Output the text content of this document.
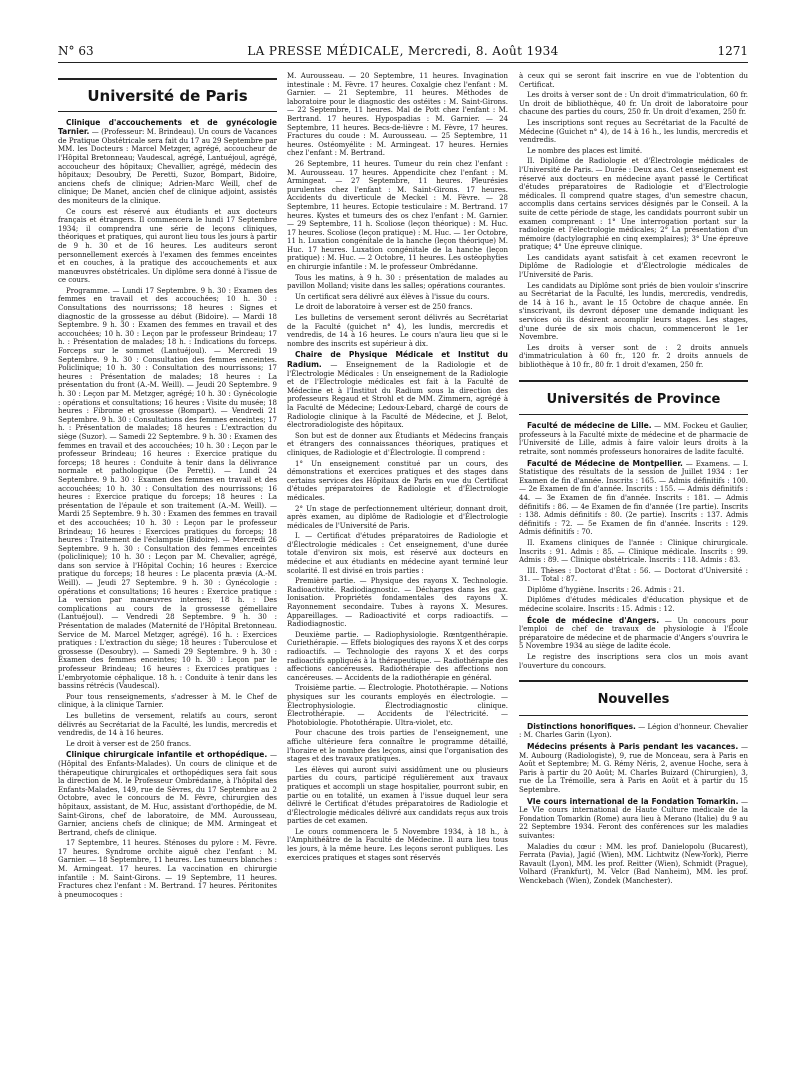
N° 63	LA PRESSE MÉDICALE, Mercredi, 8. Août 1934	1271
Université de Paris

Clinique d'accouchements et de gynécologie Tarnier. — (Professeur: M. Brindeau). Un cours de Vacances de Pratique Obstétricale sera fait du 17 au 29 Septembre par MM. les Docteurs : Marcel Metzger, agrégé, accoucheur de l'Hôpital Bretonneau; Vaudescal, agrégé, Lantuéjoul, agrégé, accoucheur des hôpitaux; Chevallier, agrégé, médecin des hôpitaux; Desoubry, De Peretti, Suzor, Bompart, Bidoire, anciens chefs de clinique; Adrien-Marc Weill, chef de clinique; De Manet, ancien chef de clinique adjoint, assistés des moniteurs de la clinique.

Ce cours est réservé aux étudiants et aux docteurs français et étrangers. Il commencera le lundi 17 Septembre 1934; il comprendra une série de leçons cliniques, théoriques et pratiques, qui auront lieu tous les jours à partir de 9 h. 30 et de 16 heures. Les auditeurs seront personnellement exercés à l'examen des femmes enceintes et en couches, à la pratique des accouchements et aux manœuvres obstétricales. Un diplôme sera donné à l'issue de ce cours.

Programme. — Lundi 17 Septembre. 9 h. 30 : Examen des femmes en travail et des accouchées; 10 h. 30 : Consultations des nourrissons; 18 heures : Signes et diagnostic de la grossesse au début (Bidoire). — Mardi 18 Septembre. 9 h. 30 : Examen des femmes en travail et des accouchées; 10 h. 30 : Leçon par le professeur Brindeau; 17 h. : Présentation de malades; 18 h. : Indications du forceps. Forceps sur le sommet (Lantuéjoul). — Mercredi 19 Septembre. 9 h. 30 : Consultation des femmes enceintes. Policlinique; 10 h. 30 : Consultation des nourrissons; 17 heures : Présentation de malades; 18 heures : La présentation du front (A.-M. Weill). — Jeudi 20 Septembre. 9 h. 30 : Leçon par M. Metzger, agrégé; 10 h. 30 : Gynécologie : opérations et consultations; 16 heures : Visite du musée; 18 heures : Fibrome et grossesse (Bompart). — Vendredi 21 Septembre. 9 h. 30 : Consultations des femmes enceintes; 17 h. : Présentation de malades; 18 heures : L'extraction du siège (Suzor). — Samedi 22 Septembre. 9 h. 30 : Examen des femmes en travail et des accouchées; 10 h. 30 : Leçon par le professeur Brindeau; 16 heures : Exercice pratique du forceps; 18 heures : Conduite à tenir dans la délivrance normale et pathologique (De Peretti). — Lundi 24 Septembre. 9 h. 30 : Examen des femmes en travail et des accouchées; 10 h. 30 : Consultation des nourrissons; 16 heures : Exercice pratique du forceps; 18 heures : La présentation de l'épaule et son traitement (A.-M. Weill). — Mardi 25 Septembre. 9 h. 30 : Examen des femmes en travail et des accouchées; 10 h. 30 : Leçon par le professeur Brindeau; 16 heures : Exercices pratiques du forceps; 18 heures : Traitement de l'éclampsie (Bidoire). — Mercredi 26 Septembre. 9 h. 30 : Consultation des femmes enceintes (policlinique); 10 h. 30 : Leçon par M. Chevalier, agrégé, dans son service à l'Hôpital Cochin; 16 heures : Exercice pratique du forceps; 18 heures : Le placenta prævia (A.-M. Weill). — Jeudi 27 Septembre. 9 h. 30 : Gynécologie : opérations et consultations; 16 heures : Exercice pratique : La version par manœuvres internes; 18 h. : Des complications au cours de la grossesse gémellaire (Lantuéjoul). — Vendredi 28 Septembre. 9 h. 30 : Présentation de malades (Maternité de l'Hôpital Bretonneau. Service de M. Marcel Metzger, agrégé). 16 h. : Exercices pratiques : L'extraction du siège; 18 heures : Tuberculose et grossesse (Desoubry). — Samedi 29 Septembre. 9 h. 30 : Examen des femmes enceintes; 10 h. 30 : Leçon par le professeur Brindeau; 16 heures : Exercices pratiques : L'embryotomie céphalique. 18 h. : Conduite à tenir dans les bassins rétrécis (Vaudescal).

Pour tous renseignements, s'adresser à M. le Chef de clinique, à la clinique Tarnier.

Les bulletins de versement, relatifs au cours, seront délivrés au Secrétariat de la Faculté, les lundis, mercredis et vendredis, de 14 à 16 heures.

Le droit à verser est de 250 francs.

Clinique chirurgicale infantile et orthopédique. — (Hôpital des Enfants-Malades). Un cours de clinique et de thérapeutique chirurgicales et orthopédiques sera fait sous la direction de M. le Professeur Ombrédanne, à l'hôpital des Enfants-Malades, 149, rue de Sèvres, du 17 Septembre au 2 Octobre, avec le concours de M. Fèvre, chirurgien des hôpitaux, assistant, de M. Huc, assistant d'orthopédie, de M. Saint-Girons, chef de laboratoire, de MM. Aurousseau, Garnier, anciens chefs de clinique; de MM. Armingeat et Bertrand, chefs de clinique.

17 Septembre, 11 heures. Sténoses du pylore : M. Fèvre. 17 heures. Syndrome orchite aiguë chez l'enfant : M. Garnier. — 18 Septembre, 11 heures. Les tumeurs blanches : M. Armingeat. 17 heures. La vaccination en chirurgie infantile : M. Saint-Girons. — 19 Septembre, 11 heures. Fractures chez l'enfant : M. Bertrand. 17 heures. Péritonites à pneumocoques :

M. Aurousseau. — 20 Septembre, 11 heures. Invagination intestinale : M. Fèvre. 17 heures. Coxalgie chez l'enfant : M. Garnier. — 21 Septembre, 11 heures. Méthodes de laboratoire pour le diagnostic des ostéites : M. Saint-Girons. — 22 Septembre, 11 heures. Mal de Pott chez l'enfant : M. Bertrand. 17 heures. Hypospadias : M. Garnier. — 24 Septembre, 11 heures. Becs-de-lièvre : M. Fèvre, 17 heures. Fractures du coude : M. Aurousseau. — 25 Septembre, 11 heures. Ostéomyélite : M. Armingeat. 17 heures. Hernies chez l'enfant : M. Bertrand.

26 Septembre, 11 heures. Tumeur du rein chez l'enfant : M. Aurousseau. 17 heures. Appendicite chez l'enfant : M. Armingeat. — 27 Septembre, 11 heures. Pleurésies purulentes chez l'enfant : M. Saint-Girons. 17 heures. Accidents du diverticule de Meckel : M. Fèvre. — 28 Septembre, 11 heures. Ectopie testiculaire : M. Bertrand. 17 heures. Kystes et tumeurs des os chez l'enfant : M. Garnier. — 29 Septembre, 11 h. Scoliose (leçon théorique) : M. Huc. 17 heures. Scoliose (leçon pratique) : M. Huc. — 1er Octobre, 11 h. Luxation congénitale de la hanche (leçon théorique) M. Huc. 17 heures. Luxation congénitale de la hanche (leçon pratique) : M. Huc. — 2 Octobre, 11 heures. Les ostéophyties en chirurgie infantile : M. le professeur Ombrédanne.

Tous les matins, à 9 h. 30 : présentation de malades au pavillon Molland; visite dans les salles; opérations courantes.

Un certificat sera délivré aux élèves à l'issue du cours.

Le droit de laboratoire à verser est de 250 francs.

Les bulletins de versement seront délivrés au Secrétariat de la Faculté (guichet n° 4), les lundis, mercredis et vendredis, de 14 à 16 heures. Le cours n'aura lieu que si le nombre des inscrits est supérieur à dix.

Chaire de Physique Médicale et Institut du Radium. — Enseignement de la Radiologie et de l'Électrologie Médicales : Un enseignement de la Radiologie et de l'Electrologie médicales est fait à la Faculté de Médecine et à l'Institut du Radium sous la direction des professeurs Regaud et Strohl et de MM. Zimmern, agrégé à la Faculté de Médecine; Ledoux-Lebard, chargé de cours de Radiologie clinique à la Faculté de Médecine, et J. Belot, électroradiologiste des hôpitaux.

Son but est de donner aux Étudiants et Médecins français et étrangers des connaissances théoriques, pratiques et cliniques, de Radiologie et d'Électrologie. Il comprend :

1° Un enseignement constitué par un cours, des démonstrations et exercices pratiques et des stages dans certains services des Hôpitaux de Paris en vue du Certificat d'études préparatoires de Radiologie et d'Électrologie médicales.

2° Un stage de perfectionnement ultérieur, donnant droit, après examen, au diplôme de Radiologie et d'Électrologie médicales de l'Université de Paris.

I. — Certificat d'études préparatoires de Radiologie et d'Électrologie médicales : Cet enseignement, d'une durée totale d'environ six mois, est réservé aux docteurs en médecine et aux étudiants en médecine ayant terminé leur scolarité. Il est divisé en trois parties :

Première partie. — Physique des rayons X. Technologie. Radioactivité. Radiodiagnostic. — Décharges dans les gaz. Ionisation. Propriétés fondamentales des rayons X. Rayonnement secondaire. Tubes à rayons X. Mesures. Appareillages. — Radioactivité et corps radioactifs. — Radiodiagnostic.

Deuxième partie. — Radiophysiologie. Rœntgenthérapie. Curiethérapie. — Effets biologiques des rayons X et des corps radioactifs. — Technologie des rayons X et des corps radioactifs appliqués à la thérapeutique. — Radiothérapie des affections cancéreuses. Radiothérapie des affections non cancéreuses. — Accidents de la radiothérapie en général.

Troisième partie. — Électrologie. Photothérapie. — Notions physiques sur les courants employés en électrologie. — Électrophysiologie. Électrodiagnostic clinique. Électrothérapie. — Accidents de l'électricité. — Photobiologie. Photothérapie. Ultra-violet, etc.

Pour chacune des trois parties de l'enseignement, une affiche ultérieure fera connaître le programme détaillé, l'horaire et le nombre des leçons, ainsi que l'organisation des stages et des travaux pratiques.

Les élèves qui auront suivi assidûment une ou plusieurs parties du cours, participé régulièrement aux travaux pratiques et accompli un stage hospitalier, pourront subir, en partie ou en totalité, un examen à l'issue duquel leur sera délivré le Certificat d'études préparatoires de Radiologie et d'Électrologie médicales délivré aux candidats reçus aux trois parties de cet examen.

Le cours commencera le 5 Novembre 1934, à 18 h., à l'Amphithéâtre de la Faculté de Médecine. Il aura lieu tous les jours, à la même heure. Les leçons seront publiques. Les exercices pratiques et stages sont réservés

à ceux qui se seront fait inscrire en vue de l'obtention du Certificat.

Les droits à verser sont de : Un droit d'immatriculation, 60 fr. Un droit de bibliothèque, 40 fr. Un droit de laboratoire pour chacune des parties du cours, 250 fr. Un droit d'examen, 250 fr.

Les inscriptions sont reçues au Secrétariat de la Faculté de Médecine (Guichet n° 4), de 14 à 16 h., les lundis, mercredis et vendredis.

Le nombre des places est limité.

II. Diplôme de Radiologie et d'Électrologie médicales de l'Université de Paris. — Durée : Deux ans. Cet enseignement est réservé aux docteurs en médecine ayant passé le Certificat d'études préparatoires de Radiologie et d'Electrologie médicales. Il comprend quatre stages, d'un semestre chacun, accomplis dans certains services désignés par le Conseil. A la suite de cette période de stage, les candidats pourront subir un examen comprenant : 1° Une interrogation portant sur la radiologie et l'électrologie médicales; 2° La présentation d'un mémoire (dactylographié en cinq exemplaires); 3° Une épreuve pratique; 4° Une épreuve clinique.

Les candidats ayant satisfait à cet examen recevront le Diplôme de Radiologie et d'Électrologie médicales de l'Université de Paris.

Les candidats au Diplôme sont priés de bien vouloir s'inscrire au Secrétariat de la Faculté, les lundis, mercredis, vendredis, de 14 à 16 h., avant le 15 Octobre de chaque année. En s'inscrivant, ils devront déposer une demande indiquant les services où ils désirent accomplir leurs stages. Les stages, d'une durée de six mois chacun, commenceront le 1er Novembre.

Les droits à verser sont de : 2 droits annuels d'immatriculation à 60 fr., 120 fr. 2 droits annuels de bibliothèque à 10 fr., 80 fr. 1 droit d'examen, 250 fr.

Universités de Province

Faculté de médecine de Lille. — MM. Fockeu et Gaulier, professeurs à la Faculté mixte de médecine et de pharmacie de l'Université de Lille, admis à faire valoir leurs droits à la retraite, sont nommés professeurs honoraires de ladite faculté.

Faculté de Médecine de Montpellier. — Examens. — I. Statistique des résultats de la session de Juillet 1934 : 1er Examen de fin d'année. Inscrits : 165. — Admis définitifs : 100. — 2e Examen de fin d'année. Inscrits : 155. — Admis définitifs : 44. — 3e Examen de fin d'année. Inscrits : 181. — Admis définitifs : 86. — 4e Examen de fin d'année (1re partie). Inscrits : 138. Admis définitifs : 80. (2e partie). Inscrits : 137. Admis définitifs : 72. — 5e Examen de fin d'année. Inscrits : 129. Admis définitifs : 70.

II. Examens cliniques de l'année : Clinique chirurgicale. Inscrits : 91. Admis : 85. — Clinique médicale. Inscrits : 99. Admis : 89. — Clinique obstétricale. Inscrits : 118. Admis : 83.

III. Thèses : Doctorat d'État : 56. — Doctorat d'Université : 31. — Total : 87.

Diplôme d'hygiène. Inscrits : 26. Admis : 21.

Diplômes d'études médicales d'éducation physique et de médecine scolaire. Inscrits : 15. Admis : 12.

École de médecine d'Angers. — Un concours pour l'emploi de chef de travaux de physiologie à l'École préparatoire de médecine et de pharmacie d'Angers s'ouvrira le 5 Novembre 1934 au siège de ladite école.

Le registre des inscriptions sera clos un mois avant l'ouverture du concours.

Nouvelles

Distinctions honorifiques. — Légion d'honneur. Chevalier : M. Charles Garin (Lyon).

Médecins présents à Paris pendant les vacances. — M. Aubourg (Radiologiste), 9, rue de Monceau, sera à Paris en Août et Septembre; M. G. Rémy Néris, 2, avenue Hoche, sera à Paris à partir du 20 Août; M. Charles Buizard (Chirurgien), 3, rue de La Trémoille, sera à Paris en Août et à partir du 15 Septembre.

VIe cours international de la Fondation Tomarkin. — Le VIe cours international de Haute Culture médicale de la Fondation Tomarkin (Rome) aura lieu à Merano (Italie) du 9 au 22 Septembre 1934. Feront des conférences sur les maladies suivantes:

Maladies du cœur : MM. les prof. Danielopolu (Bucarest), Ferrata (Pavia), Jagić (Wien), MM. Lichtwitz (New-York), Pierre Ravault (Lyon), MM. les prof. Reitter (Wien), Schmidt (Prague), Volhard (Frankfurt), M. Velcr (Bad Nanheim), MM. les prof. Wenckebach (Wien), Zondek (Manchester).
